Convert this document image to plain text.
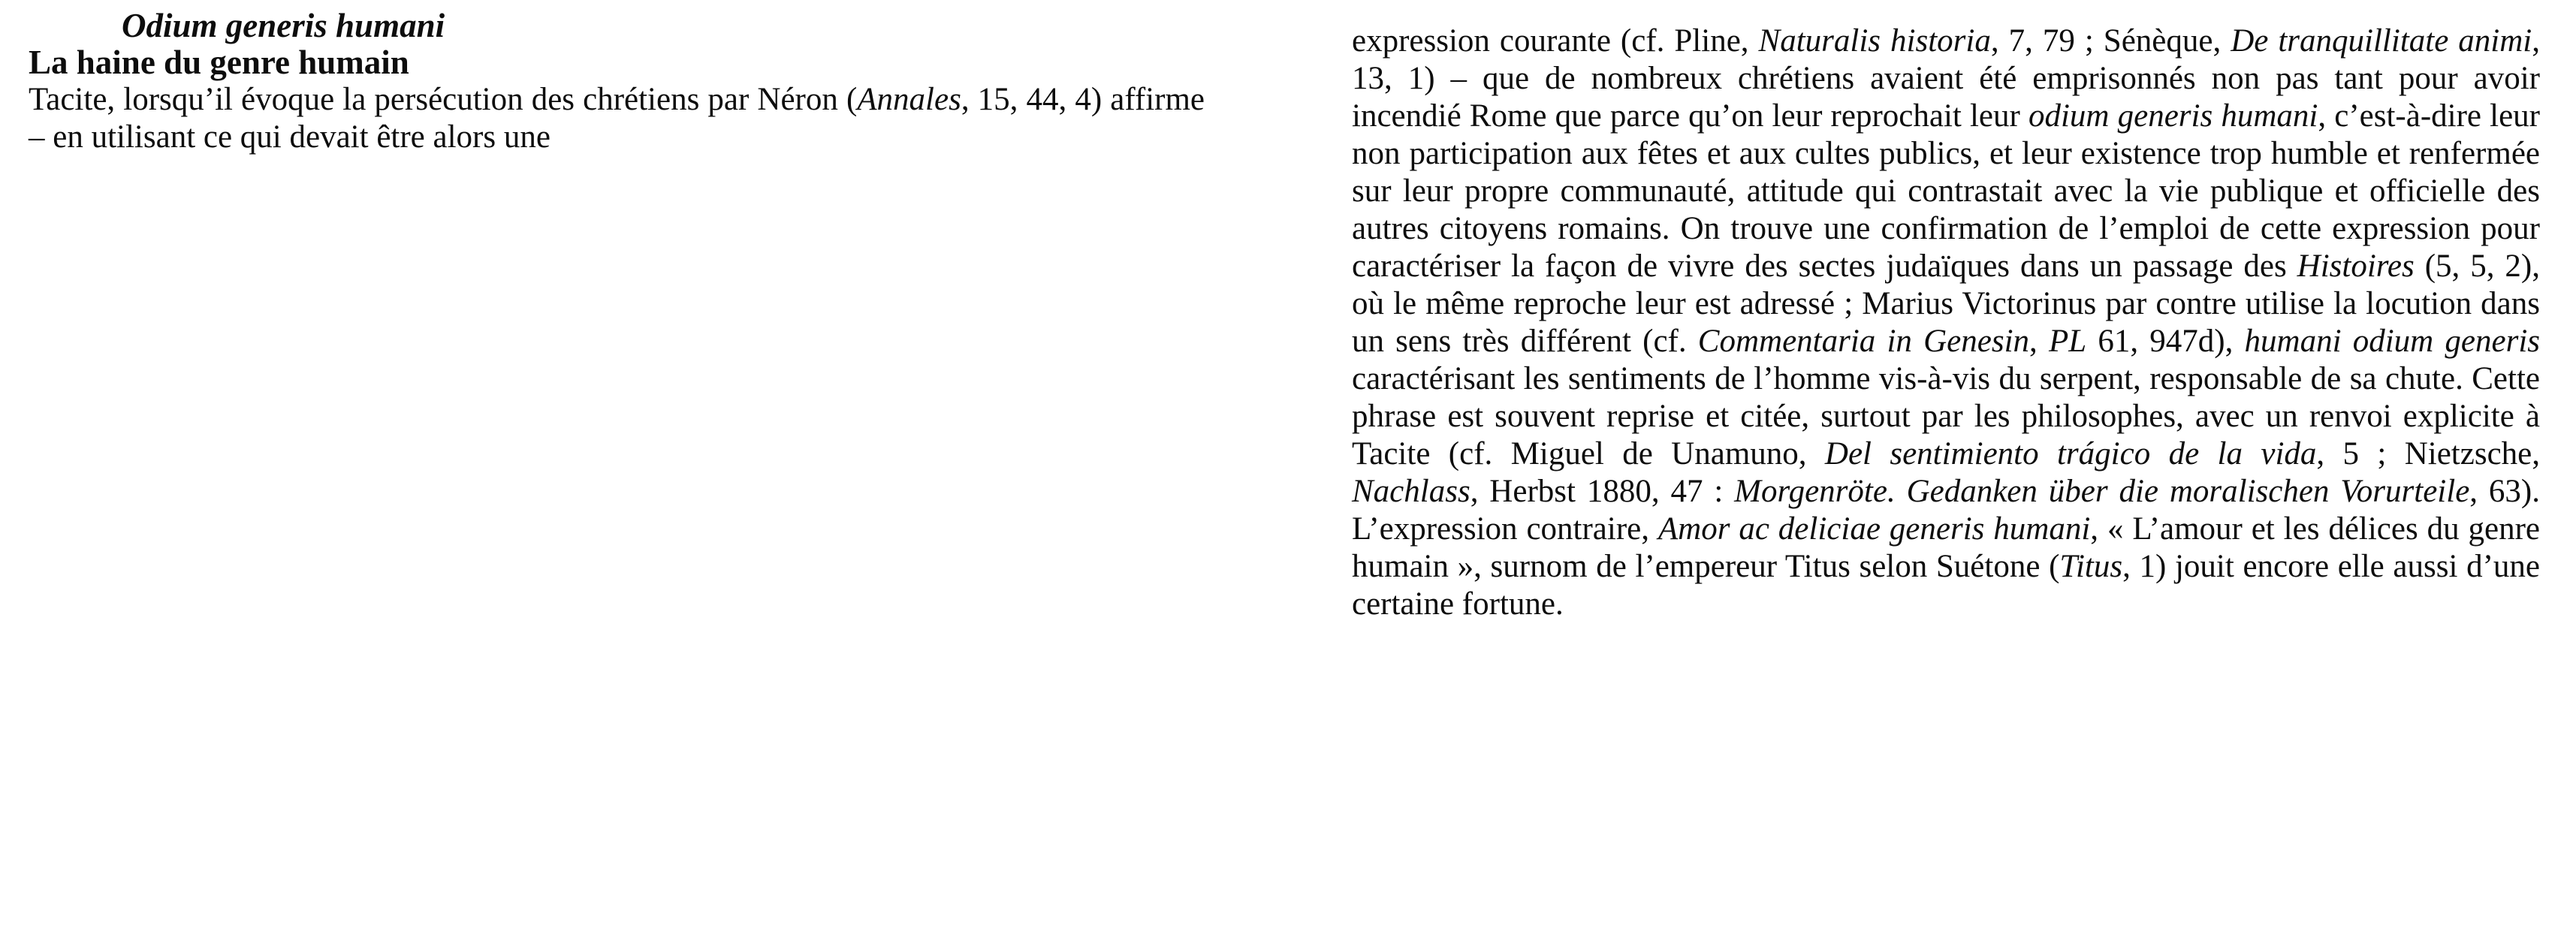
Odium generis humani
La haine du genre humain

Tacite, lorsqu’il évoque la persécution des chrétiens par Néron (Annales, 15, 44, 4) affirme – en utilisant ce qui devait être alors une

expression courante (cf. Pline, Naturalis historia, 7, 79 ; Sénèque, De tranquillitate animi, 13, 1) – que de nombreux chrétiens avaient été emprisonnés non pas tant pour avoir incendié Rome que parce qu’on leur reprochait leur odium generis humani, c’est-à-dire leur non participation aux fêtes et aux cultes publics, et leur existence trop humble et renfermée sur leur propre communauté, attitude qui contrastait avec la vie publique et officielle des autres citoyens romains. On trouve une confirmation de l’emploi de cette expression pour caractériser la façon de vivre des sectes judaïques dans un passage des Histoires (5, 5, 2), où le même reproche leur est adressé ; Marius Victorinus par contre utilise la locution dans un sens très différent (cf. Commentaria in Genesin, PL 61, 947d), humani odium generis caractérisant les sentiments de l’homme vis-à-vis du serpent, responsable de sa chute. Cette phrase est souvent reprise et citée, surtout par les philosophes, avec un renvoi explicite à Tacite (cf. Miguel de Unamuno, Del sentimiento trágico de la vida, 5 ; Nietzsche, Nachlass, Herbst 1880, 47 : Morgenröte. Gedanken über die moralischen Vorurteile, 63). L’expression contraire, Amor ac deliciae generis humani, « L’amour et les délices du genre humain », surnom de l’empereur Titus selon Suétone (Titus, 1) jouit encore elle aussi d’une certaine fortune.
